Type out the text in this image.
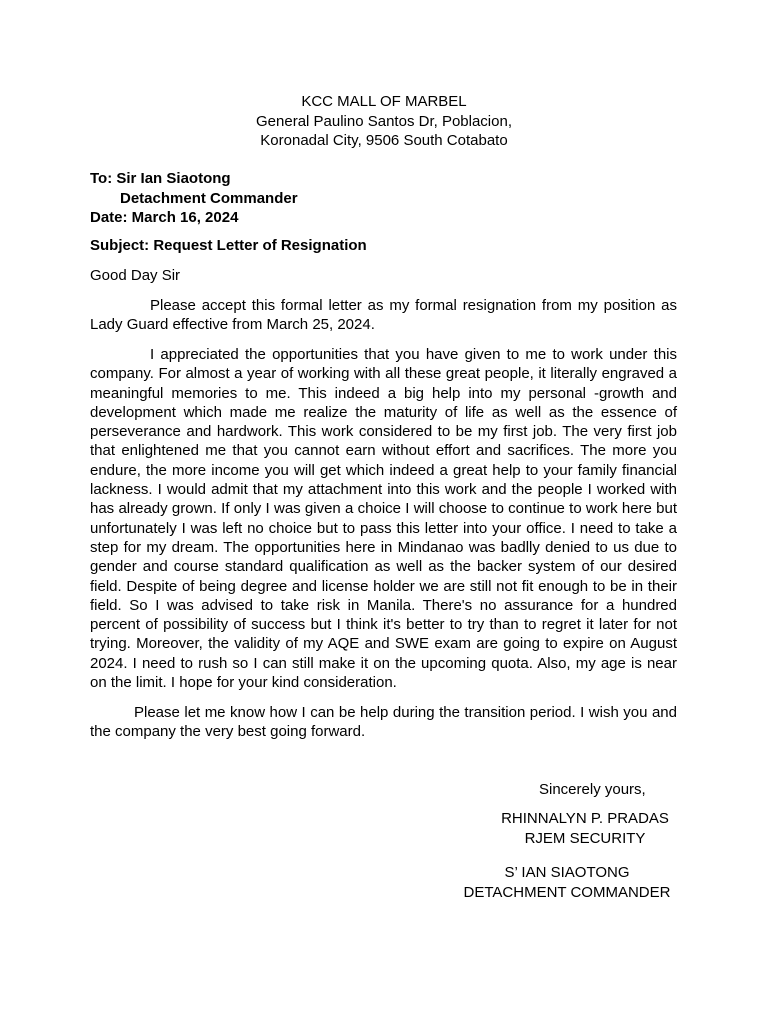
KCC MALL OF MARBEL
General Paulino Santos Dr, Poblacion,
Koronadal City, 9506 South Cotabato
To: Sir Ian Siaotong
Detachment Commander
Date: March 16, 2024
Subject: Request Letter of Resignation
Good Day Sir

Please accept this formal letter as my formal resignation from my position as Lady Guard effective from March 25, 2024.

I appreciated the opportunities that you have given to me to work under this company. For almost a year of working with all these great people, it literally engraved a meaningful memories to me. This indeed a big help into my personal -growth and development which made me realize the maturity of life as well as the essence of perseverance and hardwork. This work considered to be my first job. The very first job that enlightened me that you cannot earn without effort and sacrifices. The more you endure, the more income you will get which indeed a great help to your family financial lackness. I would admit that my attachment into this work and the people I worked with has already grown. If only I was given a choice I will choose to continue to work here but unfortunately I was left no choice but to pass this letter into your office. I need to take a step for my dream. The opportunities here in Mindanao was badlly denied to us due to gender and course standard qualification as well as the backer system of our desired field. Despite of being degree and license holder we are still not fit enough to be in their field. So I was advised to take risk in Manila. There's no assurance for a hundred percent of possibility of success but I think it's better to try than to regret it later for not trying. Moreover, the validity of my AQE and SWE exam are going to expire on August 2024. I need to rush so I can still make it on the upcoming quota. Also, my age is near on the limit. I hope for your kind consideration.

Please let me know how I can be help during the transition period. I wish you and the company the very best going forward.

Sincerely yours,
RHINNALYN P. PRADAS
RJEM SECURITY
S’ IAN SIAOTONG
DETACHMENT COMMANDER
